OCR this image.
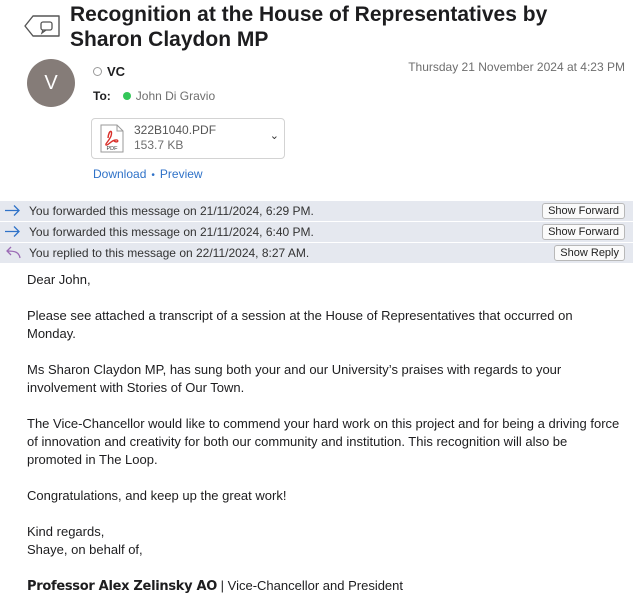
Recognition at the House of Representatives by Sharon Claydon MP
V
VC	Thursday 21 November 2024 at 4:23 PM
To: John Di Gravio
PDF
322B1040.PDF
153.7 KB
⌄
Download • Preview
You forwarded this message on 21/11/2024, 6:29 PM.	Show Forward
You forwarded this message on 21/11/2024, 6:40 PM.	Show Forward
You replied to this message on 22/11/2024, 8:27 AM.	Show Reply

Dear John,

Please see attached a transcript of a session at the House of Representatives that occurred on Monday.

Ms Sharon Claydon MP, has sung both your and our University’s praises with regards to your involvement with Stories of Our Town.

The Vice-Chancellor would like to commend your hard work on this project and for being a driving force of innovation and creativity for both our community and institution. This recognition will also be promoted in The Loop.

Congratulations, and keep up the great work!

Kind regards,

Shaye, on behalf of,

Professor Alex Zelinsky AO | Vice-Chancellor and President
